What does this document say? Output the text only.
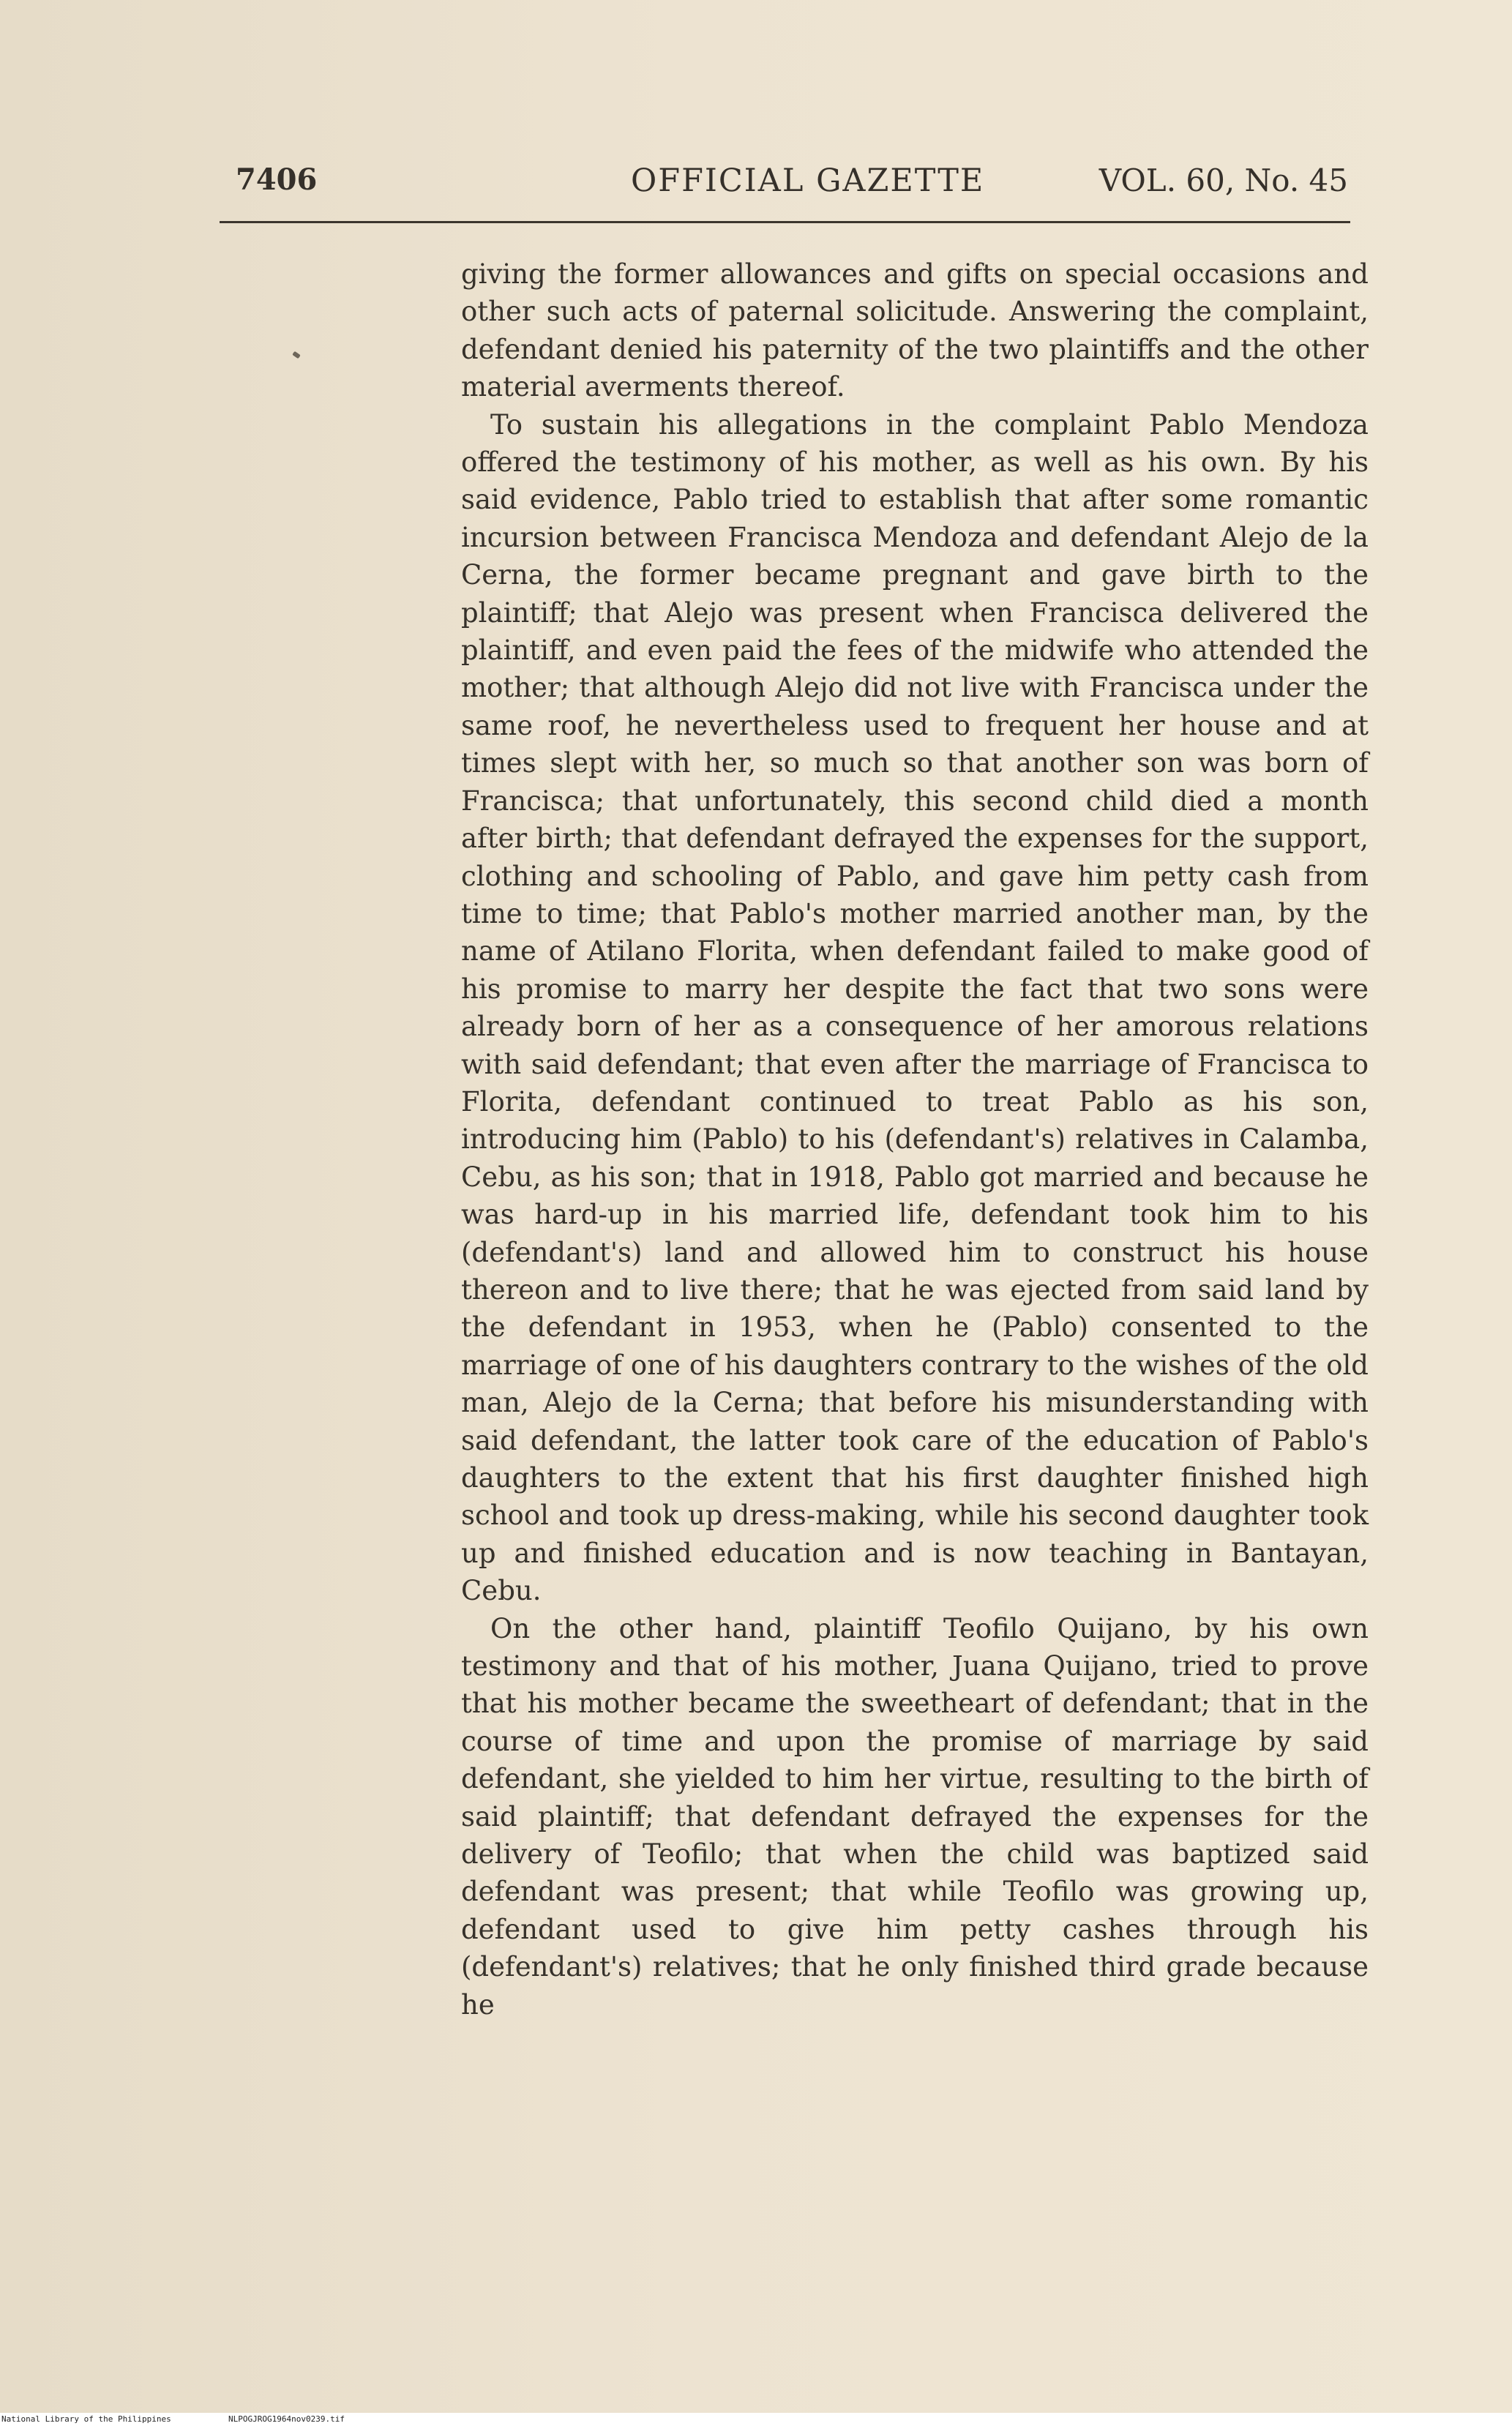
7406	OFFICIAL GAZETTE	VOL. 60, No. 45

giving the former allowances and gifts on special occasions and other such acts of paternal solicitude. Answering the complaint, defendant denied his paternity of the two plaintiffs and the other material averments thereof.

To sustain his allegations in the complaint Pablo Mendoza offered the testimony of his mother, as well as his own. By his said evidence, Pablo tried to establish that after some romantic incursion between Francisca Mendoza and defendant Alejo de la Cerna, the former became pregnant and gave birth to the plaintiff; that Alejo was present when Francisca delivered the plaintiff, and even paid the fees of the midwife who attended the mother; that although Alejo did not live with Francisca under the same roof, he nevertheless used to frequent her house and at times slept with her, so much so that another son was born of Francisca; that unfortunately, this second child died a month after birth; that defendant defrayed the expenses for the support, clothing and schooling of Pablo, and gave him petty cash from time to time; that Pablo's mother married another man, by the name of Atilano Florita, when defendant failed to make good of his promise to marry her despite the fact that two sons were already born of her as a consequence of her amorous relations with said defendant; that even after the marriage of Francisca to Florita, defendant continued to treat Pablo as his son, introducing him (Pablo) to his (defendant's) relatives in Calamba, Cebu, as his son; that in 1918, Pablo got married and because he was hard-up in his married life, defendant took him to his (defendant's) land and allowed him to construct his house thereon and to live there; that he was ejected from said land by the defendant in 1953, when he (Pablo) consented to the marriage of one of his daughters contrary to the wishes of the old man, Alejo de la Cerna; that before his misunderstanding with said defendant, the latter took care of the education of Pablo's daughters to the extent that his first daughter finished high school and took up dress-making, while his second daughter took up and finished education and is now teaching in Bantayan, Cebu.

On the other hand, plaintiff Teofilo Quijano, by his own testimony and that of his mother, Juana Quijano, tried to prove that his mother became the sweetheart of defendant; that in the course of time and upon the promise of marriage by said defendant, she yielded to him her virtue, resulting to the birth of said plaintiff; that defendant defrayed the expenses for the delivery of Teofilo; that when the child was baptized said defendant was present; that while Teofilo was growing up, defendant used to give him petty cashes through his (defendant's) relatives; that he only finished third grade because he

National Library of the Philippines	NLPOGJROG1964nov0239.tif
